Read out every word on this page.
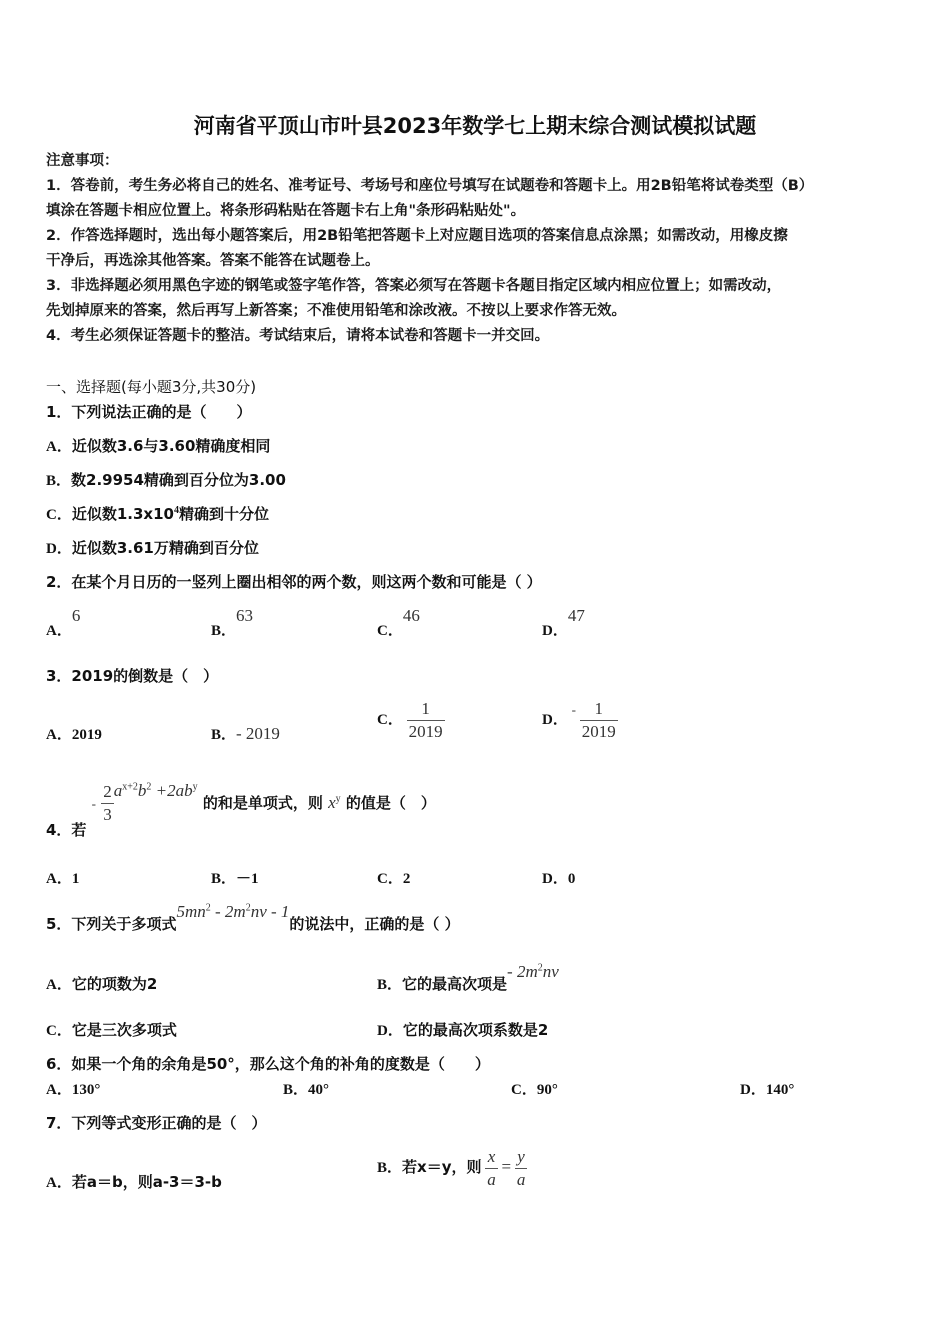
河南省平顶山市叶县2023年数学七上期末综合测试模拟试题
注意事项：
1．答卷前，考生务必将自己的姓名、准考证号、考场号和座位号填写在试题卷和答题卡上。用2B铅笔将试卷类型（B）
填涂在答题卡相应位置上。将条形码粘贴在答题卡右上角"条形码粘贴处"。
2．作答选择题时，选出每小题答案后，用2B铅笔把答题卡上对应题目选项的答案信息点涂黑；如需改动，用橡皮擦
干净后，再选涂其他答案。答案不能答在试题卷上。
3．非选择题必须用黑色字迹的钢笔或签字笔作答，答案必须写在答题卡各题目指定区域内相应位置上；如需改动，
先划掉原来的答案，然后再写上新答案；不准使用铅笔和涂改液。不按以上要求作答无效。
4．考生必须保证答题卡的整洁。考试结束后，请将本试卷和答题卡一并交回。
一、选择题(每小题3分,共30分)
1．下列说法正确的是（　　）
A．近似数3.6与3.60精确度相同
B．数2.9954精确到百分位为3.00
C．近似数$1.3x10^4$精确到十分位
D．近似数3.61万精确到百分位
2．在某个月日历的一竖列上圈出相邻的两个数，则这两个数和可能是（ ）
A．6
B．63
C．46
D．47
3．2019的倒数是（　）
A．2019	B．- 2019
C． $\frac{1}{2019}$	D． - $\frac{1}{2019}$
4．若 - $\frac{2}{3} a^{x+2}b^2 +2ab^y$ 的和是单项式，则 $x^y$ 的值是（　）
A．1	B．－1	C．2	D．0
5．下列关于多项式$5mn^2 - 2m^2nv - 1$的说法中，正确的是（ ）
A．它的项数为2	B．它的最高次项是- $2m^2nv$
C．它是三次多项式	D．它的最高次项系数是2
6．如果一个角的余角是50°，那么这个角的补角的度数是（　　）
A．130°	B．40°	C．90°	D．140°
7．下列等式变形正确的是（　）
A．若a＝b，则a-3＝3-b
B．若x＝y，则 $\frac{x}{a} = \frac{y}{a}$
